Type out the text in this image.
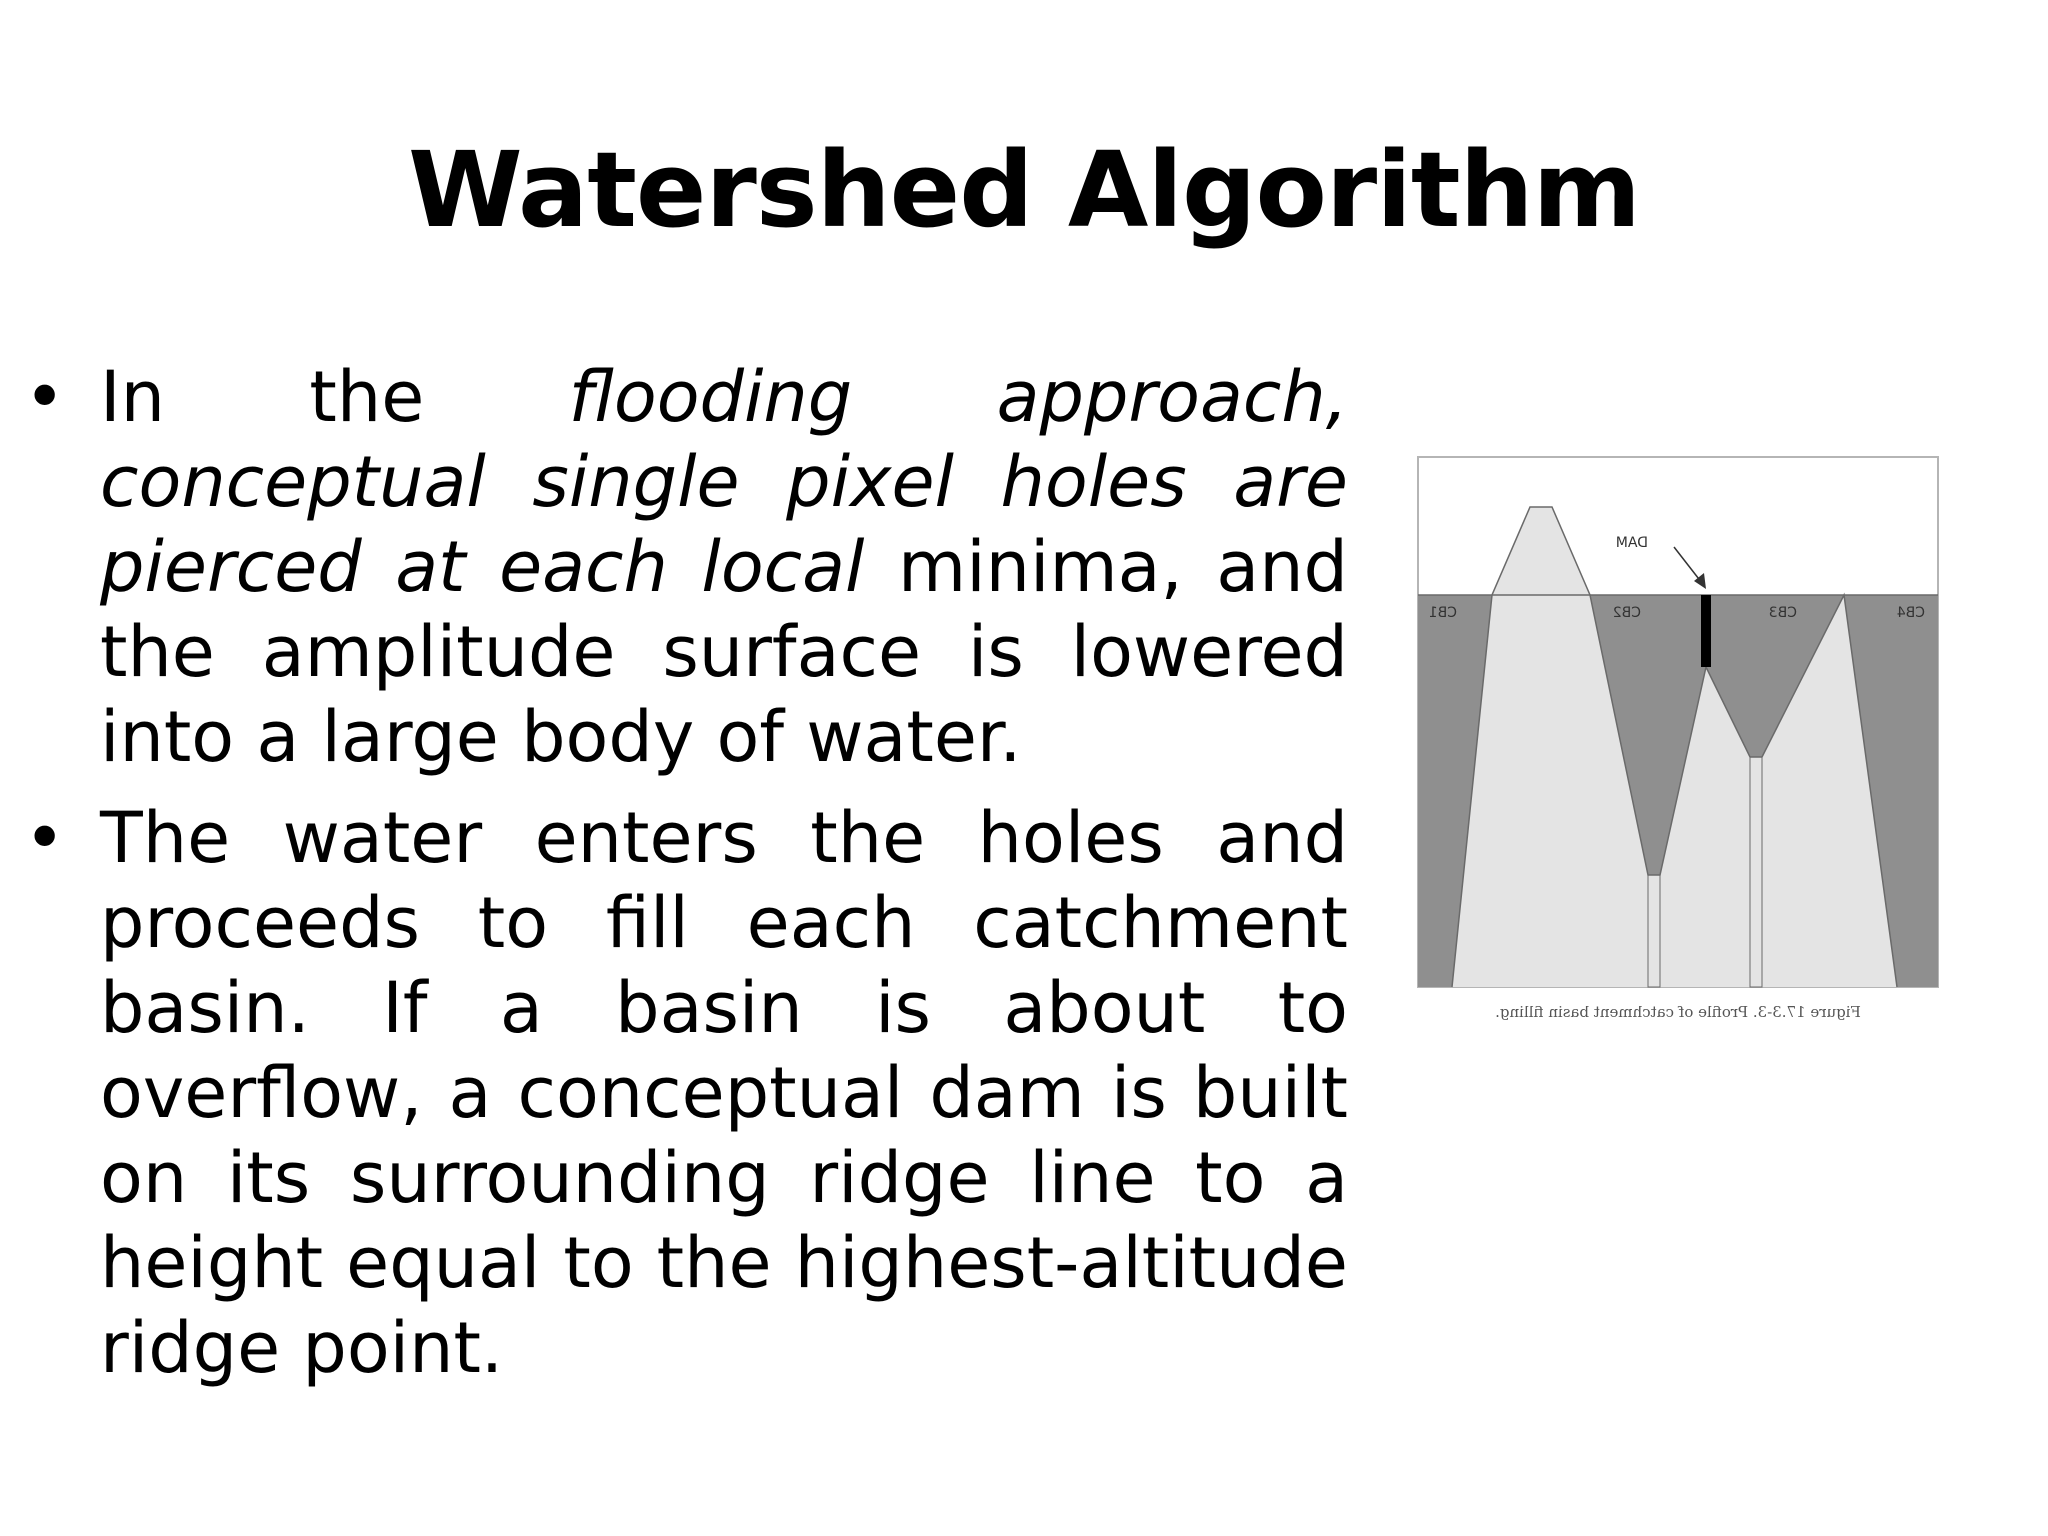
Watershed Algorithm
• In the flooding approach, conceptual single pixel holes are pierced at each local minima, and the amplitude surface is lowered into a large body of water.
• The water enters the holes and proceeds to fill each catchment basin. If a basin is about to overflow, a conceptual dam is built on its surrounding ridge line to a height equal to the highest-altitude ridge point.
DAM
CB1	CB2	CB3	CB4
Figure 17.3-3. Profile of catchment basin filling.
